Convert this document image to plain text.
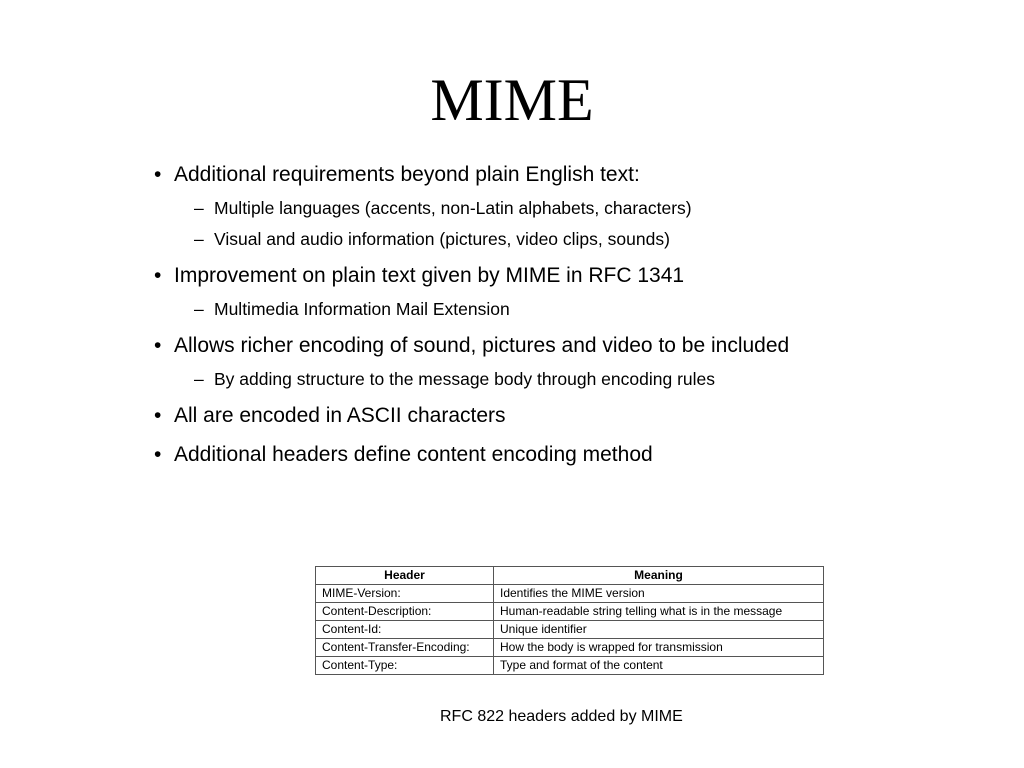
MIME
• Additional requirements beyond plain English text:
– Multiple languages (accents, non-Latin alphabets, characters)
– Visual and audio information (pictures, video clips, sounds)
• Improvement on plain text given by MIME in RFC 1341
– Multimedia Information Mail Extension
• Allows richer encoding of sound, pictures and video to be included
– By adding structure to the message body through encoding rules
• All are encoded in ASCII characters
• Additional headers define content encoding method
Header	Meaning
MIME-Version:	Identifies the MIME version
Content-Description:	Human-readable string telling what is in the message
Content-Id:	Unique identifier
Content-Transfer-Encoding:	How the body is wrapped for transmission
Content-Type:	Type and format of the content
RFC 822 headers added by MIME
